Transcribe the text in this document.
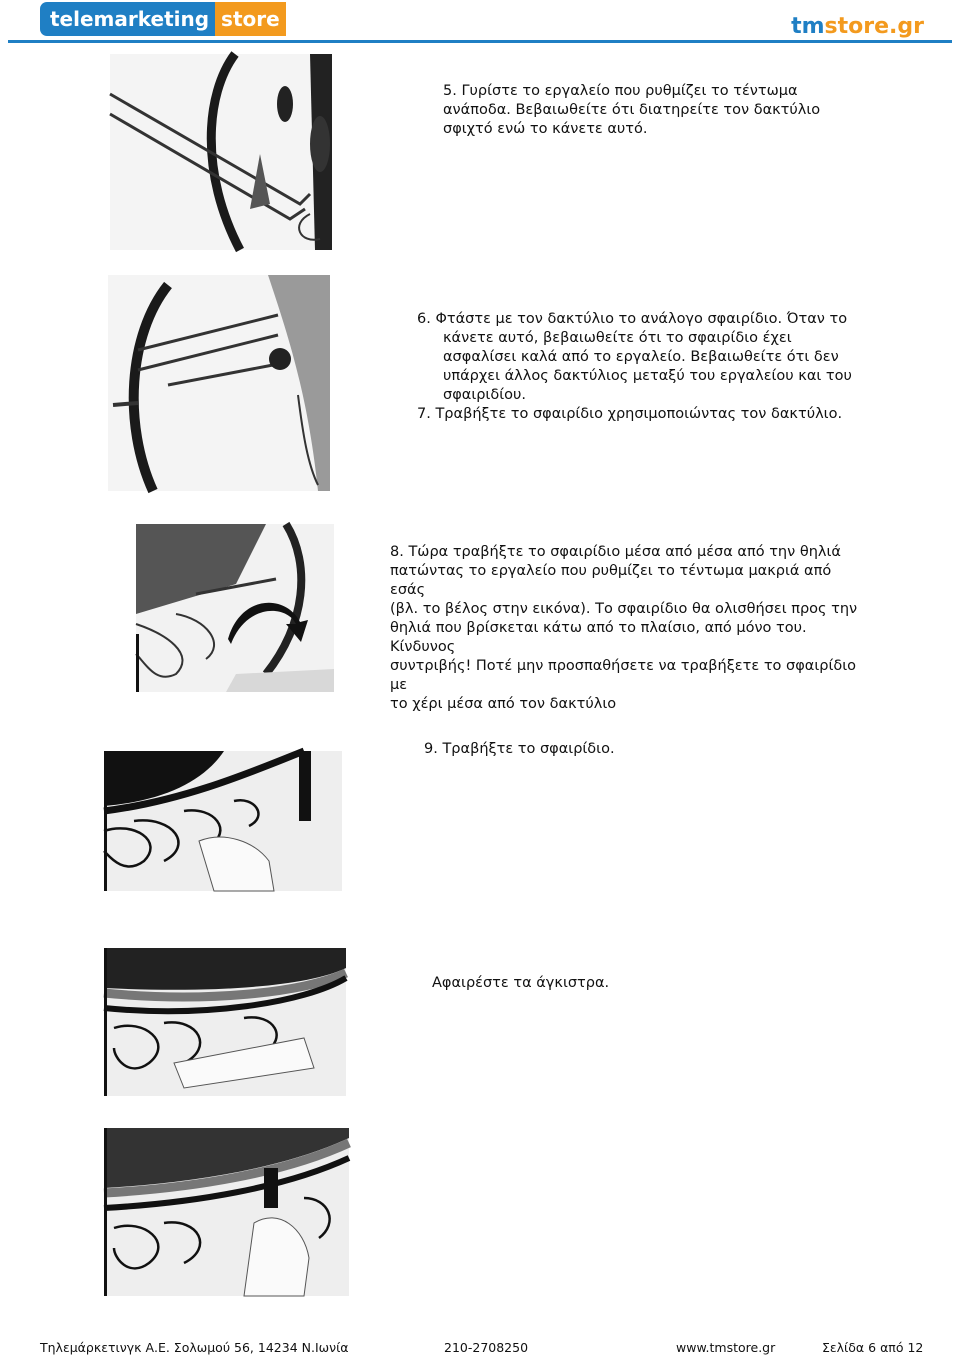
telemarketing store ®
tmstore.gr
5. Γυρίστε το εργαλείο που ρυθμίζει το τέντωμα
ανάποδα. Βεβαιωθείτε ότι διατηρείτε τον δακτύλιο
σφιχτό ενώ το κάνετε αυτό.
6. Φτάστε με τον δακτύλιο το ανάλογο σφαιρίδιο. Όταν το
κάνετε αυτό, βεβαιωθείτε ότι το σφαιρίδιο έχει
ασφαλίσει καλά από το εργαλείο. Βεβαιωθείτε ότι δεν
υπάρχει άλλος δακτύλιος μεταξύ του εργαλείου και του
σφαιριδίου.
7. Τραβήξτε το σφαιρίδιο χρησιμοποιώντας τον δακτύλιο.
8. Τώρα τραβήξτε το σφαιρίδιο μέσα από μέσα από την θηλιά
πατώντας το εργαλείο που ρυθμίζει το τέντωμα μακριά από εσάς
(βλ. το βέλος στην εικόνα). Το σφαιρίδιο θα ολισθήσει προς την
θηλιά που βρίσκεται κάτω από το πλαίσιο, από μόνο του. Κίνδυνος
συντριβής! Ποτέ μην προσπαθήσετε να τραβήξετε το σφαιρίδιο με
το χέρι μέσα από τον δακτύλιο
9. Τραβήξτε το σφαιρίδιο.
Αφαιρέστε τα άγκιστρα.
Τηλεμάρκετινγκ Α.Ε. Σολωμού 56, 14234 Ν.Ιωνία	210-2708250	www.tmstore.gr	Σελίδα 6 από 12
